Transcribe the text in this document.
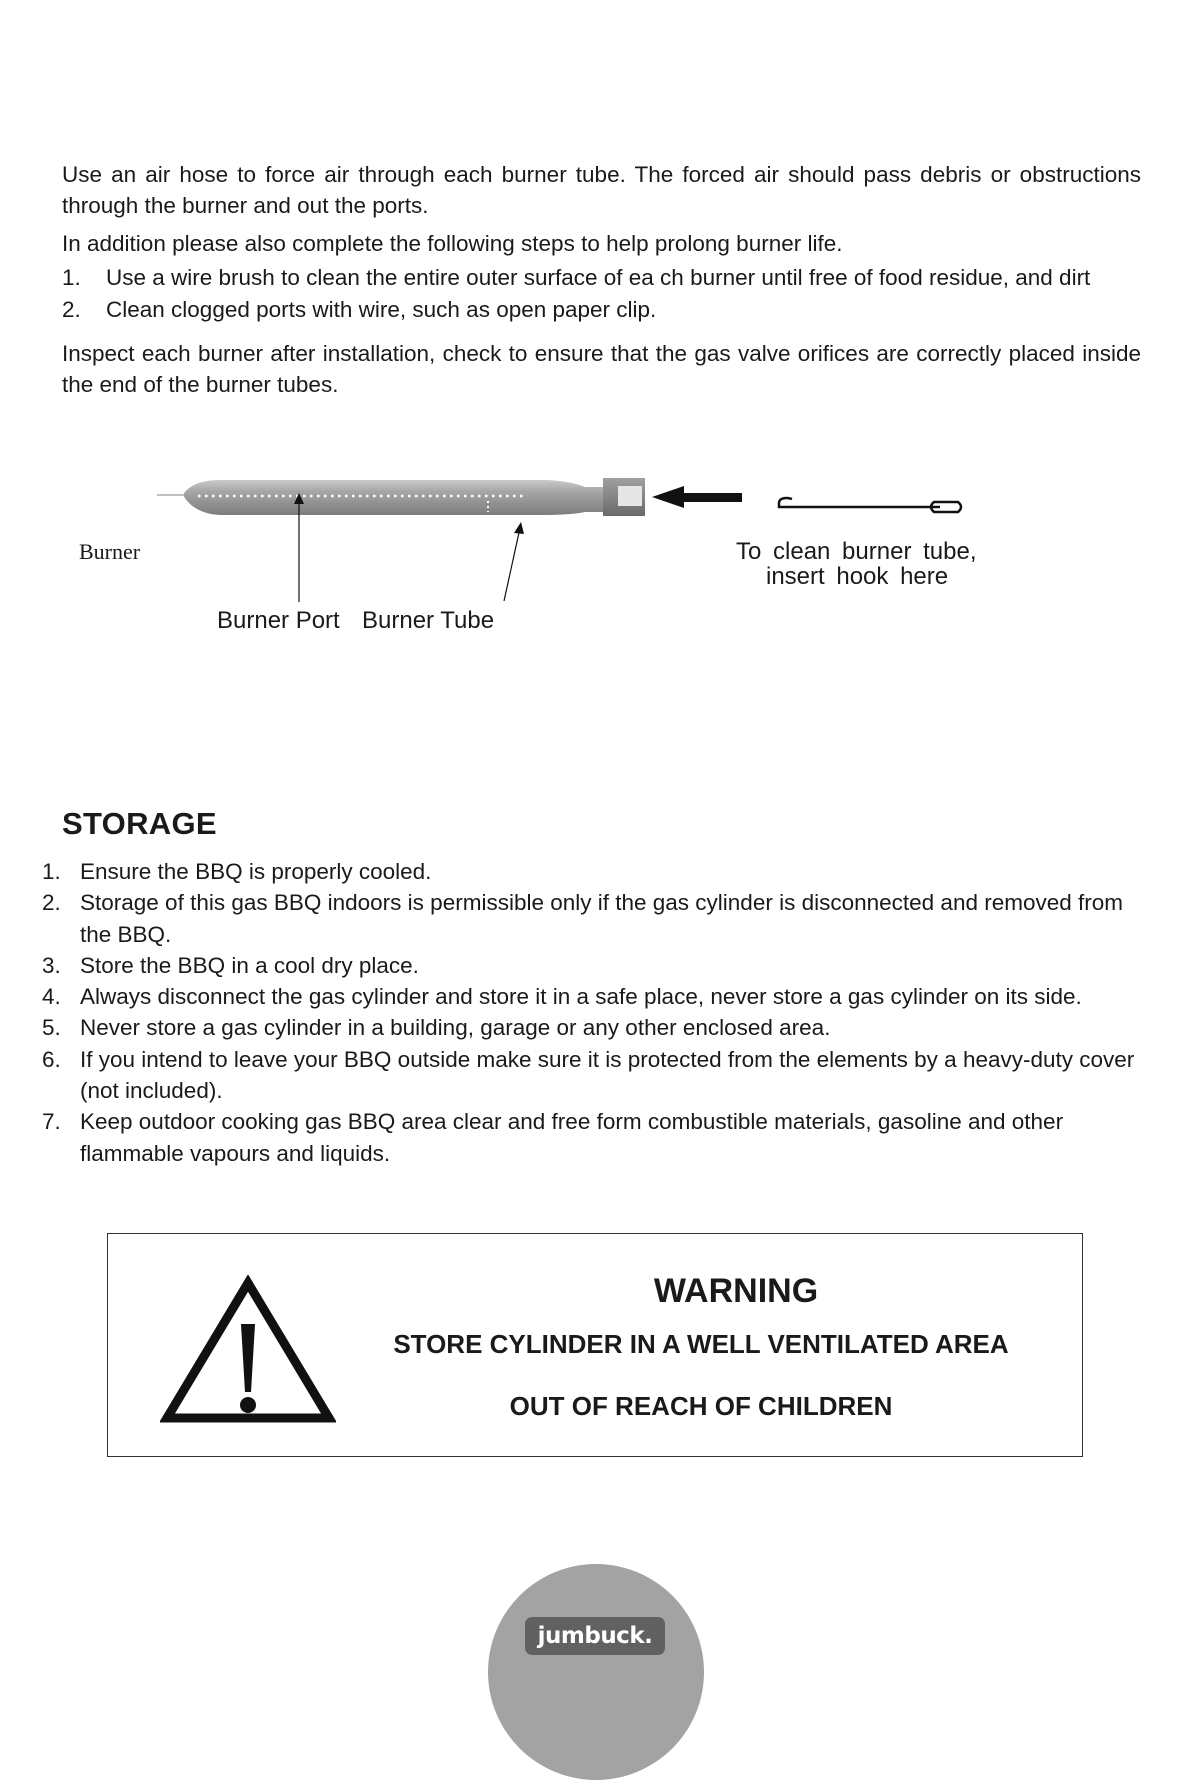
Use an air hose to force air through each burner tube. The forced air should pass debris or obstructions through the burner and out the ports.

In addition please also complete the following steps to help prolong burner life.

1. Use a wire brush to clean the entire outer surface of ea ch burner until free of food residue, and dirt
2. Clean clogged ports with wire, such as open paper clip.

Inspect each burner after installation, check to ensure that the gas valve orifices are correctly placed inside the end of the burner tubes.

Burner
Burner Port Burner Tube
To clean burner tube,
insert hook here
STORAGE
1. Ensure the BBQ is properly cooled.
2. Storage of this gas BBQ indoors is permissible only if the gas cylinder is disconnected and removed from the BBQ.
3. Store the BBQ in a cool dry place.
4. Always disconnect the gas cylinder and store it in a safe place, never store a gas cylinder on its side.
5. Never store a gas cylinder in a building, garage or any other enclosed area.
6. If you intend to leave your BBQ outside make sure it is protected from the elements by a heavy-duty cover (not included).
7. Keep outdoor cooking gas BBQ area clear and free form combustible materials, gasoline and other flammable vapours and liquids.
WARNING
STORE CYLINDER IN A WELL VENTILATED AREA
OUT OF REACH OF CHILDREN
jumbuck.
